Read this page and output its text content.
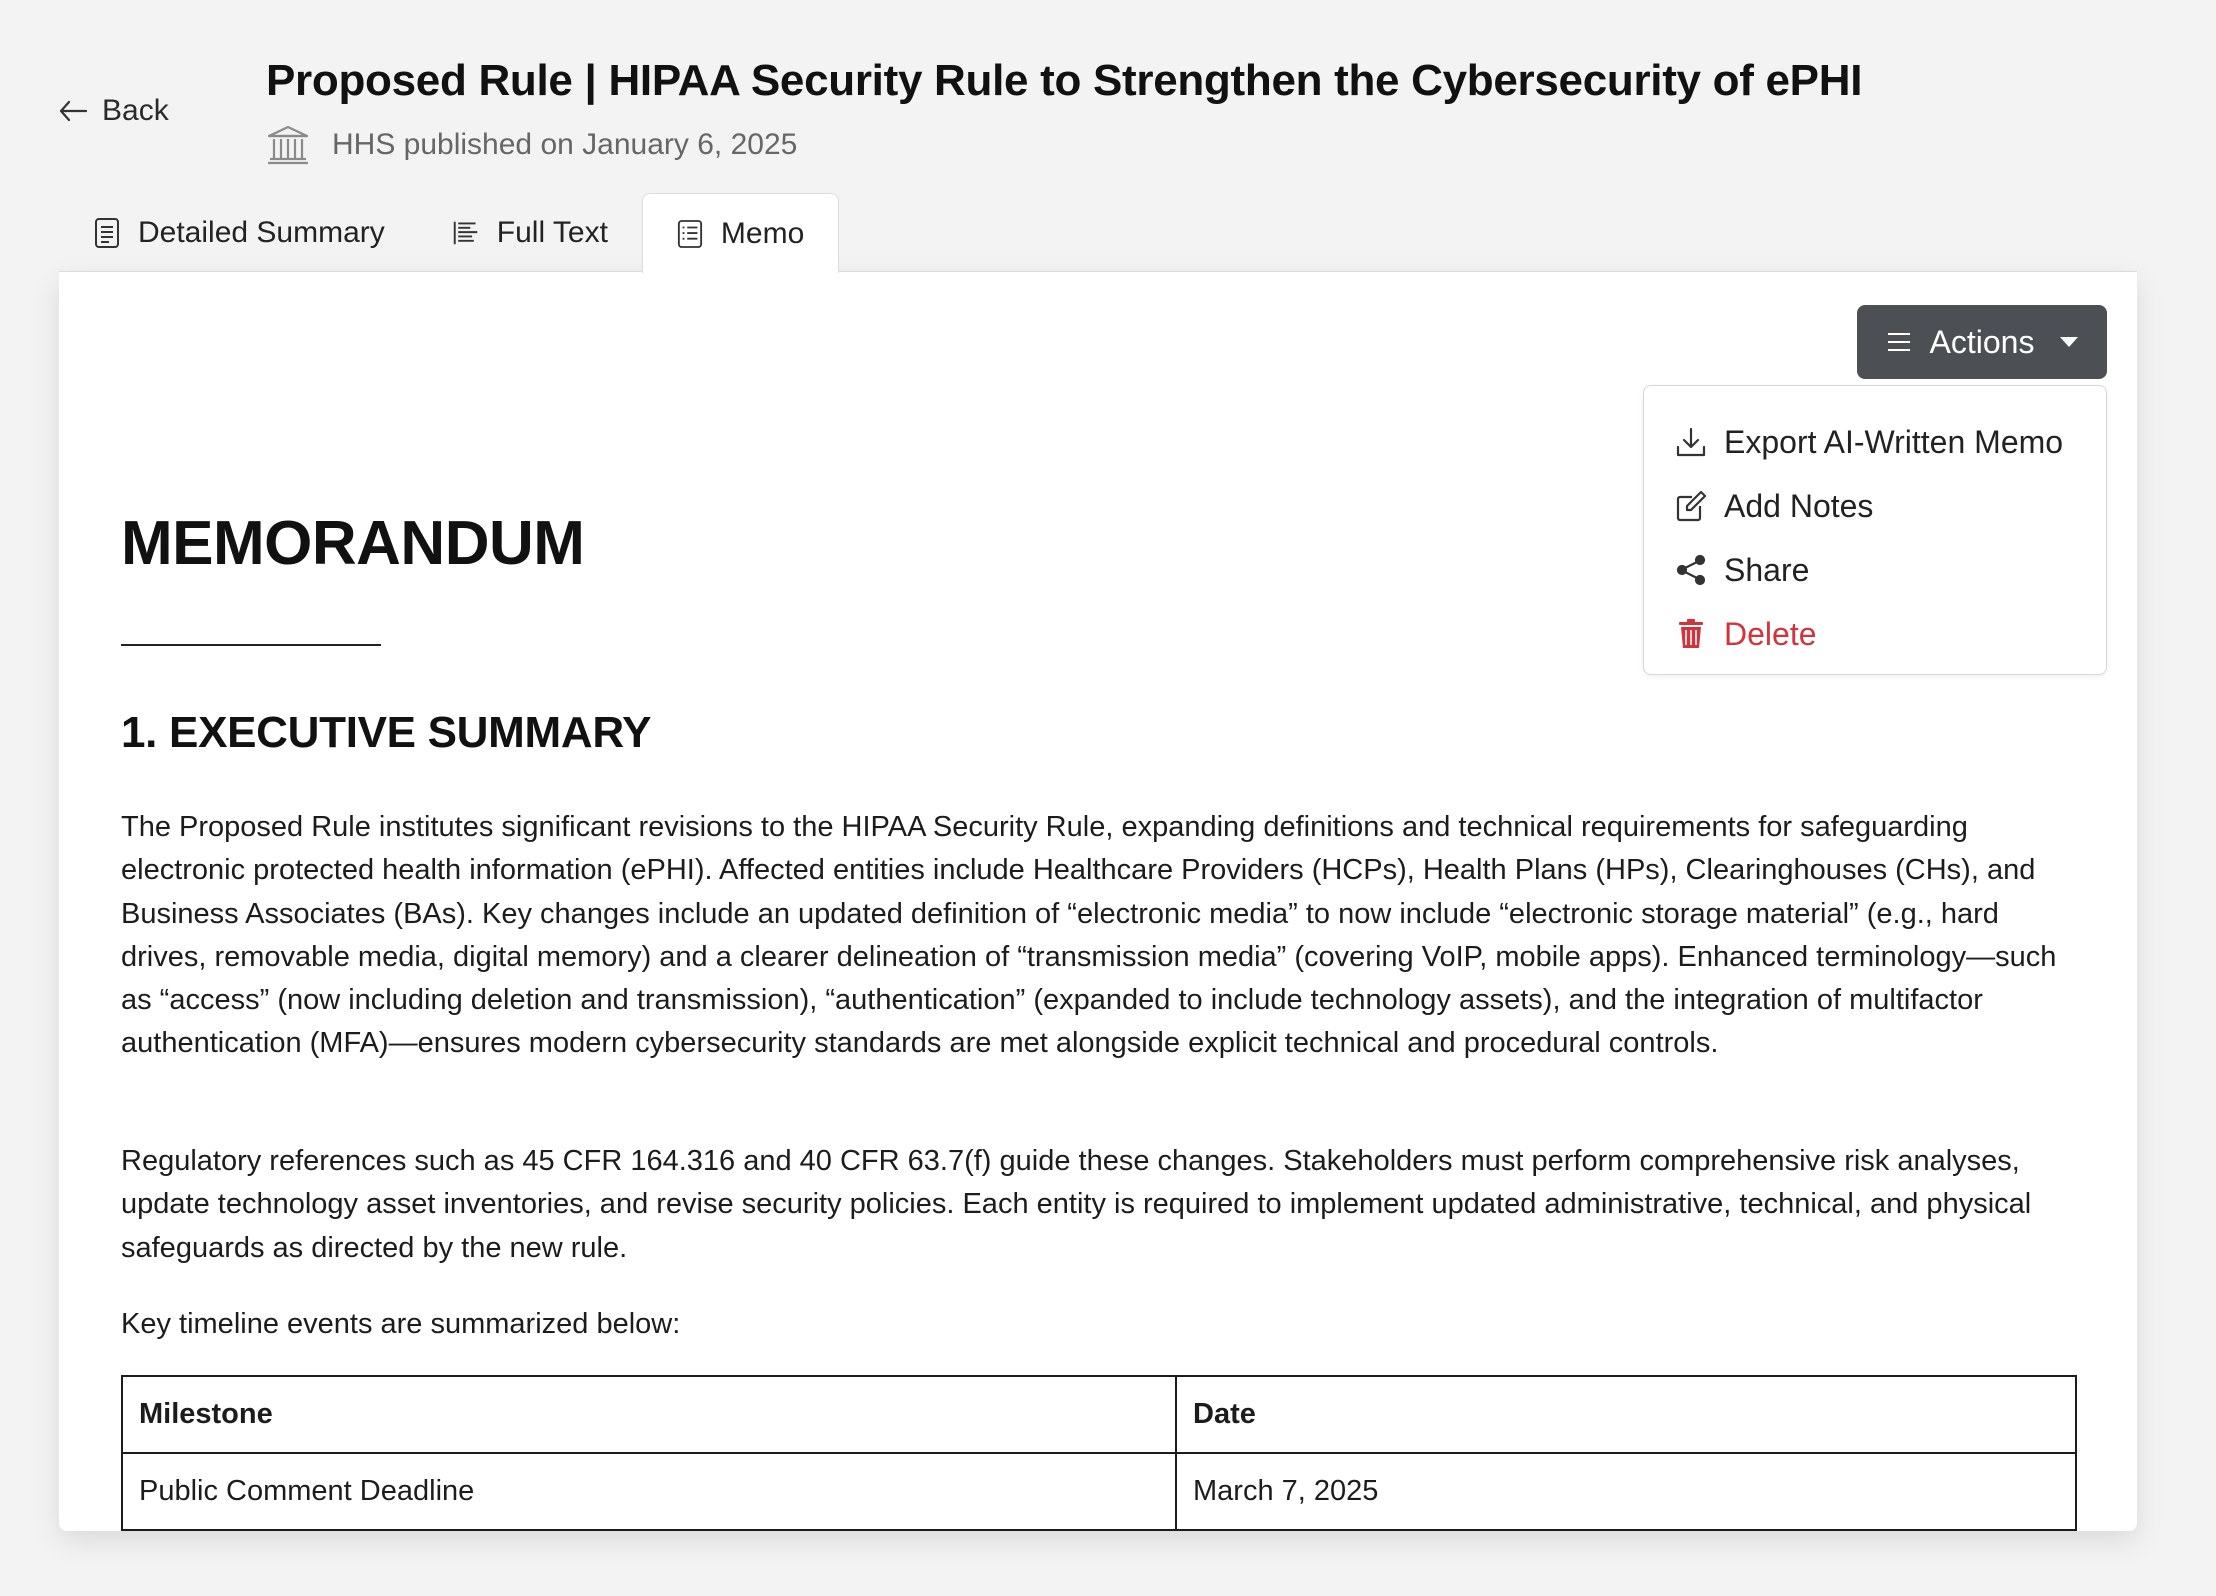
Back
Proposed Rule | HIPAA Security Rule to Strengthen the Cybersecurity of ePHI
HHS published on January 6, 2025
Detailed Summary	Full Text	Memo
Actions
Export AI-Written Memo
Add Notes
Share
Delete
MEMORANDUM
1. EXECUTIVE SUMMARY

The Proposed Rule institutes significant revisions to the HIPAA Security Rule, expanding definitions and technical requirements for safeguarding electronic protected health information (ePHI). Affected entities include Healthcare Providers (HCPs), Health Plans (HPs), Clearinghouses (CHs), and Business Associates (BAs). Key changes include an updated definition of “electronic media” to now include “electronic storage material” (e.g., hard drives, removable media, digital memory) and a clearer delineation of “transmission media” (covering VoIP, mobile apps). Enhanced terminology—such as “access” (now including deletion and transmission), “authentication” (expanded to include technology assets), and the integration of multifactor authentication (MFA)—ensures modern cybersecurity standards are met alongside explicit technical and procedural controls.

Regulatory references such as 45 CFR 164.316 and 40 CFR 63.7(f) guide these changes. Stakeholders must perform comprehensive risk analyses, update technology asset inventories, and revise security policies. Each entity is required to implement updated administrative, technical, and physical safeguards as directed by the new rule.

Key timeline events are summarized below:

Milestone	Date
Public Comment Deadline	March 7, 2025
